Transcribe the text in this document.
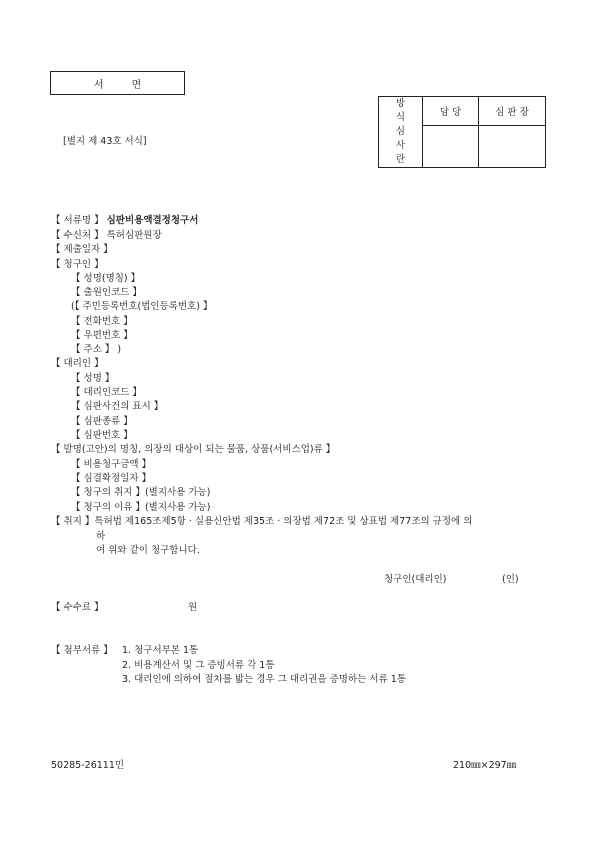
서면
방
식
심
사
란	담 당	심 판 장

[별지 제 43호 서식]
【 서류명 】 심판비용액결정청구서
【 수신처 】 특허심판원장
【 제출일자 】
【 청구인 】
【 성명(명칭) 】
【 출원인코드 】
(【 주민등록번호(법인등록번호) 】
【 전화번호 】
【 우편번호 】
【 주소 】 )
【 대리인 】
【 성명 】
【 대리인코드 】
【 심판사건의 표시 】
【 심판종류 】
【 심판번호 】
【 발명(고안)의 명칭, 의장의 대상이 되는 물품, 상품(서비스업)류 】
【 비용청구금액 】
【 심결확정일자 】
【 청구의 취지 】(별지사용 가능)
【 청구의 이유 】(별지사용 가능)
【 취지 】특허법 제165조제5항 · 실용신안법 제35조 · 의장법 제72조 및 상표법 제77조의 규정에 의
하
여 위와 같이 청구합니다.
청구인(대리인)	(인)
【 수수료 】	원
【 첨부서류 】 1. 청구서부본 1통
2. 비용계산서 및 그 증빙서류 각 1통
3. 대리인에 의하여 절차를 밟는 경우 그 대리권을 증명하는 서류 1통
50285-26111민	210㎜×297㎜
